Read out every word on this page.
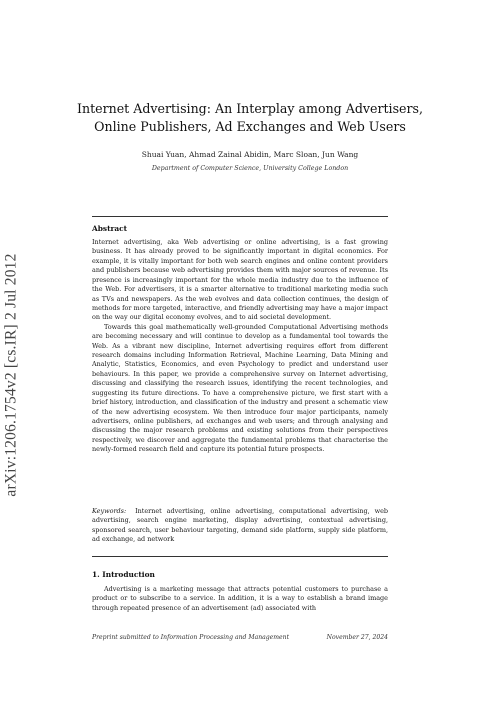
arXiv:1206.1754v2 [cs.IR] 2 Jul 2012
Internet Advertising: An Interplay among Advertisers,
Online Publishers, Ad Exchanges and Web Users
Shuai Yuan, Ahmad Zainal Abidin, Marc Sloan, Jun Wang
Department of Computer Science, University College London
Abstract

Internet advertising, aka Web advertising or online advertising, is a fast growing business. It has already proved to be significantly important in digital economics. For example, it is vitally important for both web search engines and online content providers and publishers because web advertising provides them with major sources of revenue. Its presence is increasingly important for the whole media industry due to the influence of the Web. For advertisers, it is a smarter alternative to traditional marketing media such as TVs and newspapers. As the web evolves and data collection continues, the design of methods for more targeted, interactive, and friendly advertising may have a major impact on the way our digital economy evolves, and to aid societal development.

Towards this goal mathematically well-grounded Computational Advertising methods are becoming necessary and will continue to develop as a fundamental tool towards the Web. As a vibrant new discipline, Internet advertising requires effort from different research domains including Information Retrieval, Machine Learning, Data Mining and Analytic, Statistics, Economics, and even Psychology to predict and understand user behaviours. In this paper, we provide a comprehensive survey on Internet advertising, discussing and classifying the research issues, identifying the recent technologies, and suggesting its future directions. To have a comprehensive picture, we first start with a brief history, introduction, and classification of the industry and present a schematic view of the new advertising ecosystem. We then introduce four major participants, namely advertisers, online publishers, ad exchanges and web users; and through analysing and discussing the major research problems and existing solutions from their perspectives respectively, we discover and aggregate the fundamental problems that characterise the newly-formed research field and capture its potential future prospects.

Keywords: Internet advertising, online advertising, computational advertising, web advertising, search engine marketing, display advertising, contextual advertising, sponsored search, user behaviour targeting, demand side platform, supply side platform, ad exchange, ad network
1. Introduction

Advertising is a marketing message that attracts potential customers to purchase a product or to subscribe to a service. In addition, it is a way to establish a brand image through repeated presence of an advertisement (ad) associated with

Preprint submitted to Information Processing and Management	November 27, 2024
